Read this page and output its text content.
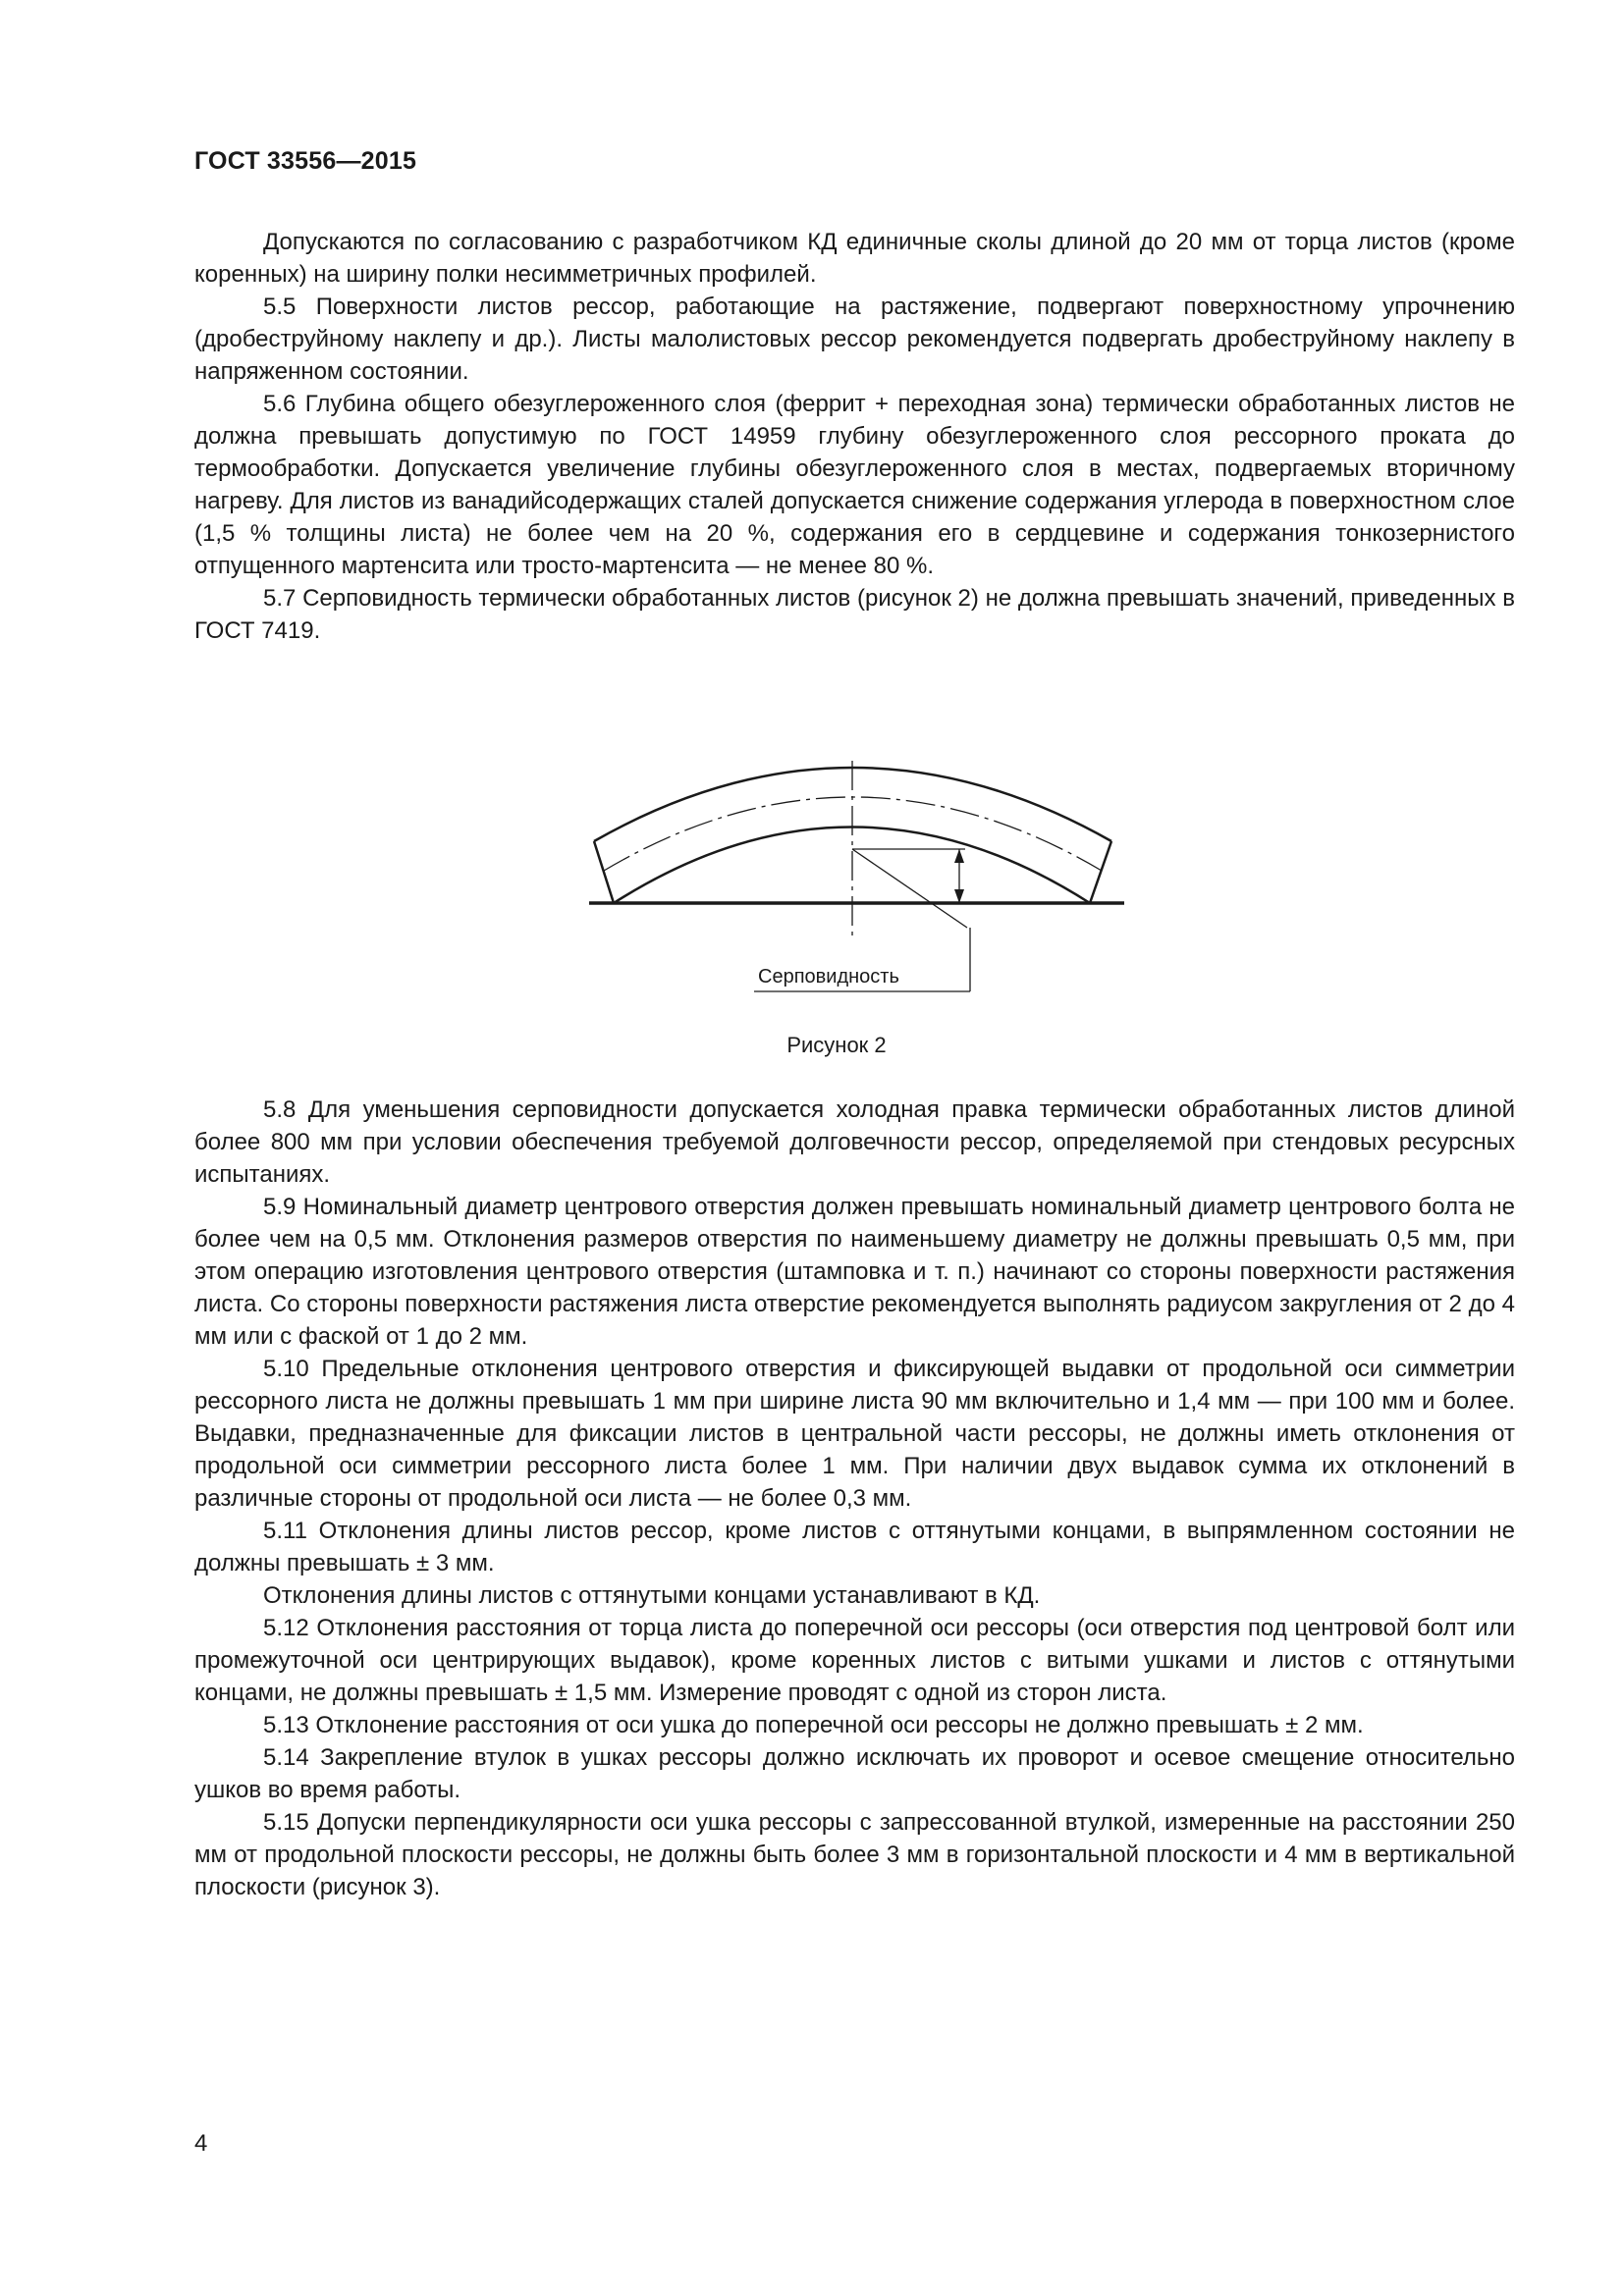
ГОСТ 33556—2015

Допускаются по согласованию с разработчиком КД единичные сколы длиной до 20 мм от торца листов (кроме коренных) на ширину полки несимметричных профилей.

5.5 Поверхности листов рессор, работающие на растяжение, подвергают поверхностному упрочнению (дробеструйному наклепу и др.). Листы малолистовых рессор рекомендуется подвергать дробеструйному наклепу в напряженном состоянии.

5.6 Глубина общего обезуглероженного слоя (феррит + переходная зона) термически обработанных листов не должна превышать допустимую по ГОСТ 14959 глубину обезуглероженного слоя рессорного проката до термообработки. Допускается увеличение глубины обезуглероженного слоя в местах, подвергаемых вторичному нагреву. Для листов из ванадийсодержащих сталей допускается снижение содержания углерода в поверхностном слое (1,5 % толщины листа) не более чем на 20 %, содержания его в сердцевине и содержания тонкозернистого отпущенного мартенсита или тросто-мартенсита — не менее 80 %.

5.7 Серповидность термически обработанных листов (рисунок 2) не должна превышать значений, приведенных в ГОСТ 7419.

Серповидность
Рисунок 2

5.8 Для уменьшения серповидности допускается холодная правка термически обработанных листов длиной более 800 мм при условии обеспечения требуемой долговечности рессор, определяемой при стендовых ресурсных испытаниях.

5.9 Номинальный диаметр центрового отверстия должен превышать номинальный диаметр центрового болта не более чем на 0,5 мм. Отклонения размеров отверстия по наименьшему диаметру не должны превышать 0,5 мм, при этом операцию изготовления центрового отверстия (штамповка и т. п.) начинают со стороны поверхности растяжения листа. Со стороны поверхности растяжения листа отверстие рекомендуется выполнять радиусом закругления от 2 до 4 мм или с фаской от 1 до 2 мм.

5.10 Предельные отклонения центрового отверстия и фиксирующей выдавки от продольной оси симметрии рессорного листа не должны превышать 1 мм при ширине листа 90 мм включительно и 1,4 мм — при 100 мм и более. Выдавки, предназначенные для фиксации листов в центральной части рессоры, не должны иметь отклонения от продольной оси симметрии рессорного листа более 1 мм. При наличии двух выдавок сумма их отклонений в различные стороны от продольной оси листа — не более 0,3 мм.

5.11 Отклонения длины листов рессор, кроме листов с оттянутыми концами, в выпрямленном состоянии не должны превышать ± 3 мм.

Отклонения длины листов с оттянутыми концами устанавливают в КД.

5.12 Отклонения расстояния от торца листа до поперечной оси рессоры (оси отверстия под центровой болт или промежуточной оси центрирующих выдавок), кроме коренных листов с витыми ушками и листов с оттянутыми концами, не должны превышать ± 1,5 мм. Измерение проводят с одной из сторон листа.

5.13 Отклонение расстояния от оси ушка до поперечной оси рессоры не должно превышать ± 2 мм.

5.14 Закрепление втулок в ушках рессоры должно исключать их проворот и осевое смещение относительно ушков во время работы.

5.15 Допуски перпендикулярности оси ушка рессоры с запрессованной втулкой, измеренные на расстоянии 250 мм от продольной плоскости рессоры, не должны быть более 3 мм в горизонтальной плоскости и 4 мм в вертикальной плоскости (рисунок 3).

4
